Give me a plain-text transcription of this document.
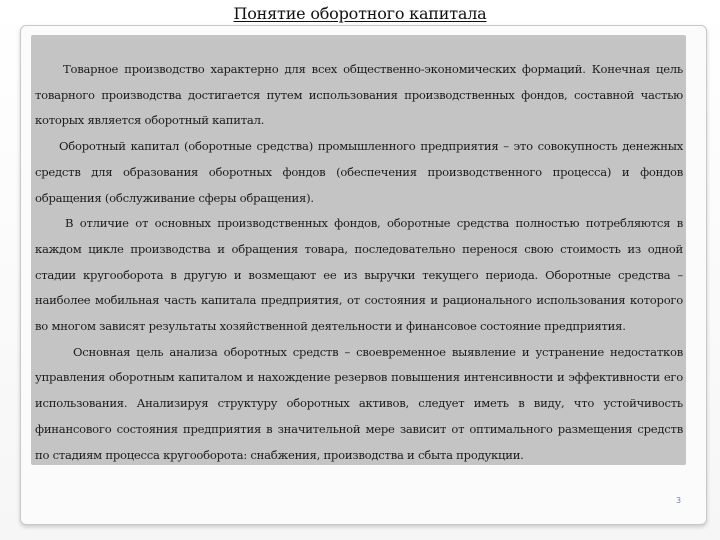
Понятие оборотного капитала

Товарное производство характерно для всех общественно-экономических формаций. Конечная цель товарного производства достигается путем использования производственных фондов, составной частью которых является оборотный капитал.

Оборотный капитал (оборотные средства) промышленного предприятия – это совокупность денежных средств для образования оборотных фондов (обеспечения производственного процесса) и фондов обращения (обслуживание сферы обращения).

В отличие от основных производственных фондов, оборотные средства полностью потребляются в каждом цикле производства и обращения товара, последовательно перенося свою стоимость из одной стадии кругооборота в другую и возмещают ее из выручки текущего периода. Оборотные средства – наиболее мобильная часть капитала предприятия, от состояния и рационального использования которого во многом зависят результаты хозяйственной деятельности и финансовое состояние предприятия.

Основная цель анализа оборотных средств – своевременное выявление и устранение недостатков управления оборотным капиталом и нахождение резервов повышения интенсивности и эффективности его использования. Анализируя структуру оборотных активов, следует иметь в виду, что устойчивость финансового состояния предприятия в значительной мере зависит от оптимального размещения средств по стадиям процесса кругооборота: снабжения, производства и сбыта продукции.

3
